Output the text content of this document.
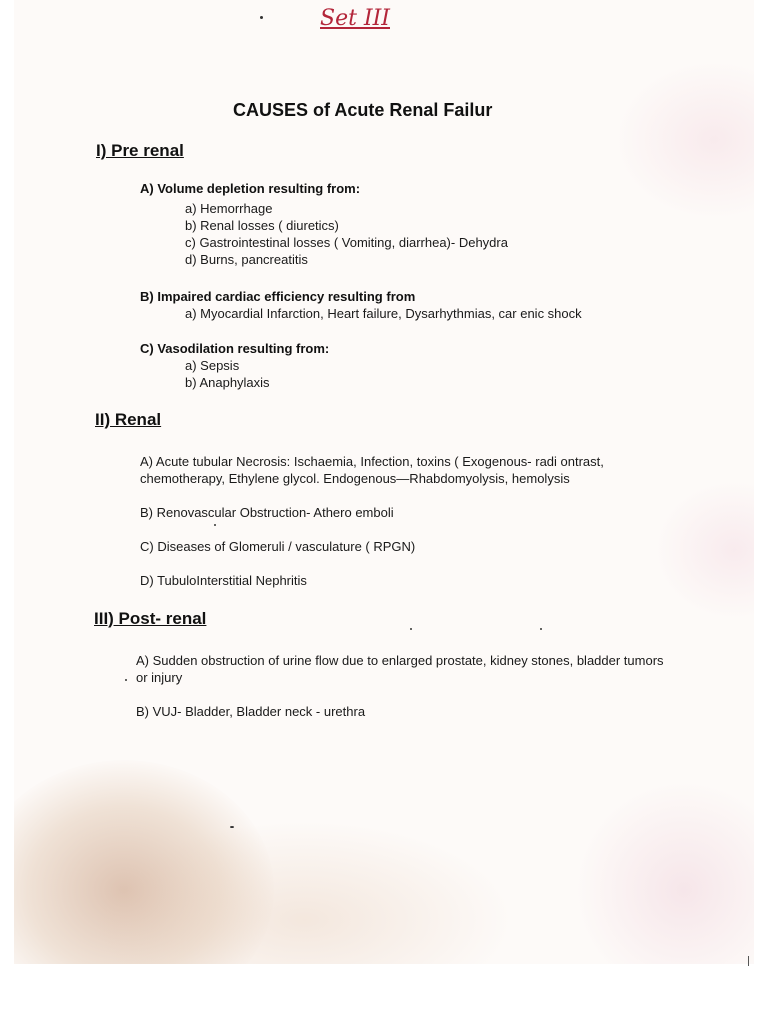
Set III

CAUSES of Acute Renal Failur

I) Pre renal

A) Volume depletion resulting from:

a) Hemorrhage

b) Renal losses ( diuretics)

c) Gastrointestinal losses ( Vomiting, diarrhea)- Dehydra

d) Burns, pancreatitis

B) Impaired cardiac efficiency resulting from

a) Myocardial Infarction, Heart failure, Dysarhythmias, car enic shock

C) Vasodilation resulting from:

a) Sepsis

b) Anaphylaxis

II) Renal

A) Acute tubular Necrosis: Ischaemia, Infection, toxins ( Exogenous- radi ontrast, chemotherapy, Ethylene glycol. Endogenous—Rhabdomyolysis, hemolysis

B) Renovascular Obstruction- Athero emboli

C) Diseases of Glomeruli / vasculature ( RPGN)

D) TubuloInterstitial Nephritis

III) Post- renal

A) Sudden obstruction of urine flow due to enlarged prostate, kidney stones, bladder tumors or injury

B) VUJ- Bladder, Bladder neck - urethra
